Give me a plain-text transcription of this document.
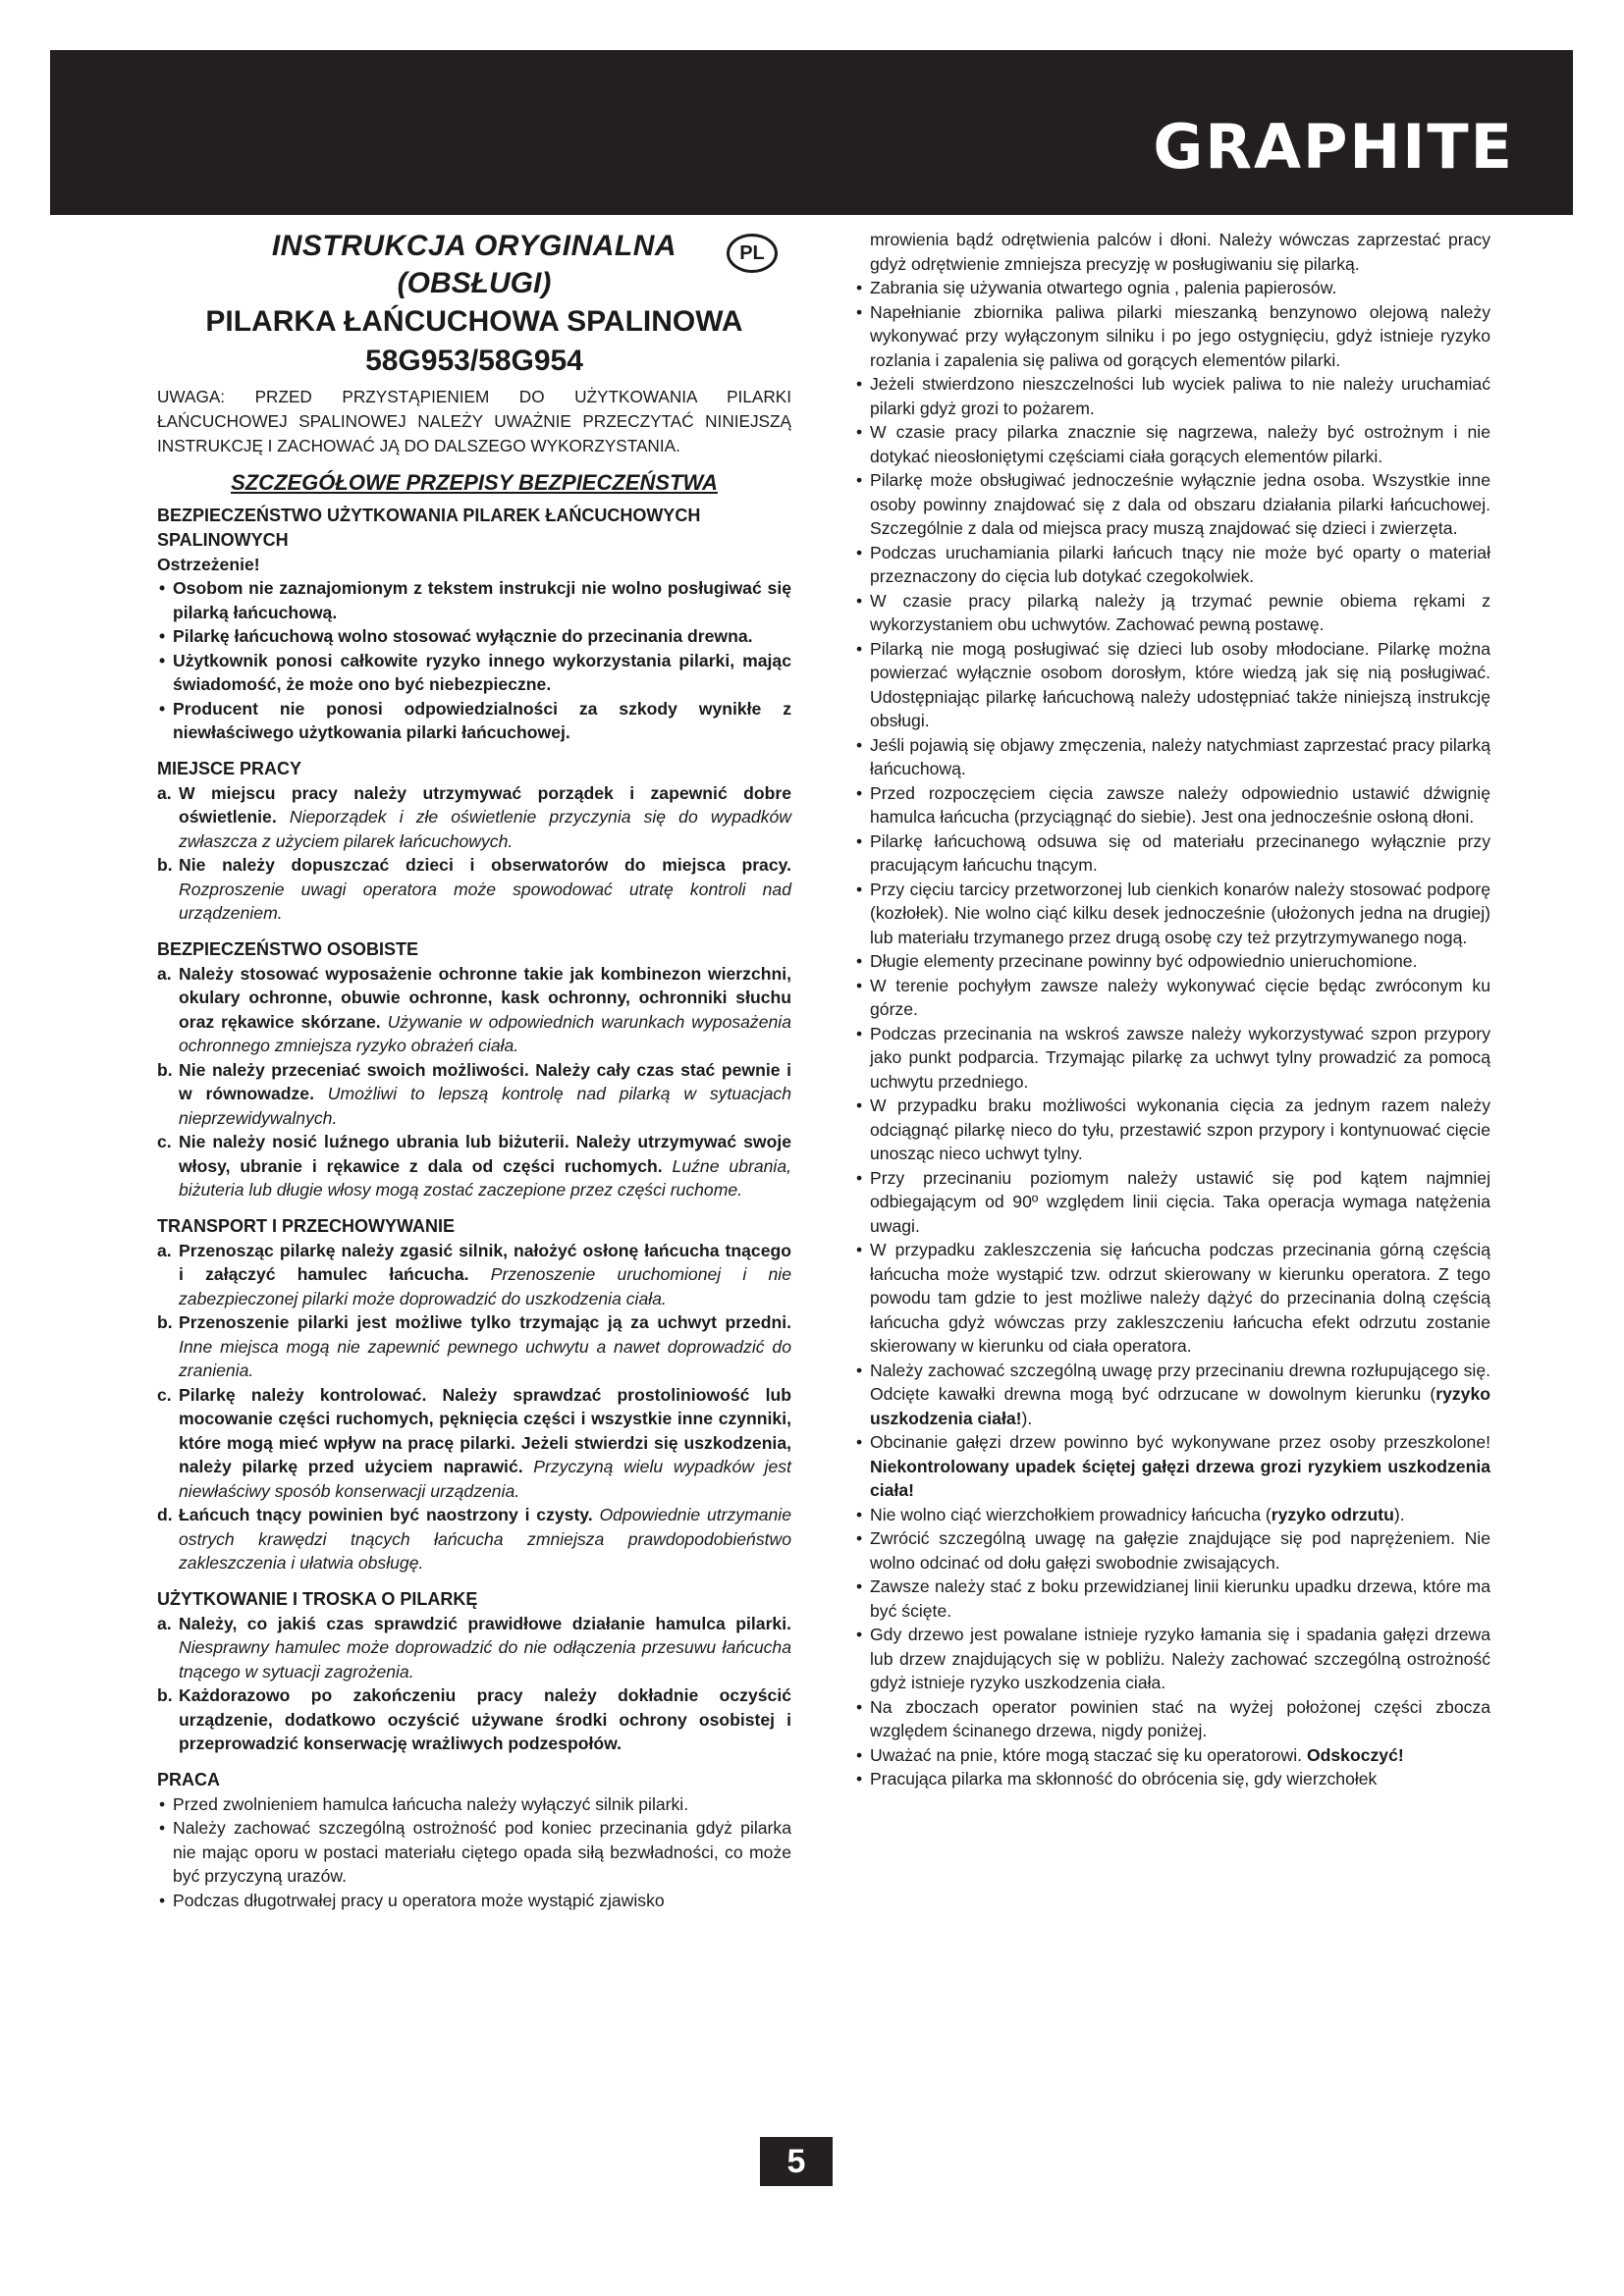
GRAPHITE
INSTRUKCJA ORYGINALNA
(OBSŁUGI)
PILARKA ŁAŃCUCHOWA SPALINOWA
58G953/58G954
PL

UWAGA: PRZED PRZYSTĄPIENIEM DO UŻYTKOWANIA PILARKI ŁAŃCUCHOWEJ SPALINOWEJ NALEŻY UWAŻNIE PRZECZYTAĆ NINIEJSZĄ INSTRUKCJĘ I ZACHOWAĆ JĄ DO DALSZEGO WYKORZYSTANIA.

SZCZEGÓŁOWE PRZEPISY BEZPIECZEŃSTWA
BEZPIECZEŃSTWO UŻYTKOWANIA PILAREK ŁAŃCUCHOWYCH SPALINOWYCH
Ostrzeżenie!
• Osobom nie zaznajomionym z tekstem instrukcji nie wolno posługiwać się pilarką łańcuchową.
• Pilarkę łańcuchową wolno stosować wyłącznie do przecinania drewna.
• Użytkownik ponosi całkowite ryzyko innego wykorzystania pilarki, mając świadomość, że może ono być niebezpieczne.
• Producent nie ponosi odpowiedzialności za szkody wynikłe z niewłaściwego użytkowania pilarki łańcuchowej.
MIEJSCE PRACY
a. W miejscu pracy należy utrzymywać porządek i zapewnić dobre oświetlenie. Nieporządek i złe oświetlenie przyczynia się do wypadków zwłaszcza z użyciem pilarek łańcuchowych.
b. Nie należy dopuszczać dzieci i obserwatorów do miejsca pracy. Rozproszenie uwagi operatora może spowodować utratę kontroli nad urządzeniem.
BEZPIECZEŃSTWO OSOBISTE
a. Należy stosować wyposażenie ochronne takie jak kombinezon wierzchni, okulary ochronne, obuwie ochronne, kask ochronny, ochronniki słuchu oraz rękawice skórzane. Używanie w odpowiednich warunkach wyposażenia ochronnego zmniejsza ryzyko obrażeń ciała.
b. Nie należy przeceniać swoich możliwości. Należy cały czas stać pewnie i w równowadze. Umożliwi to lepszą kontrolę nad pilarką w sytuacjach nieprzewidywalnych.
c. Nie należy nosić luźnego ubrania lub biżuterii. Należy utrzymywać swoje włosy, ubranie i rękawice z dala od części ruchomych. Luźne ubrania, biżuteria lub długie włosy mogą zostać zaczepione przez części ruchome.
TRANSPORT I PRZECHOWYWANIE
a. Przenosząc pilarkę należy zgasić silnik, nałożyć osłonę łańcucha tnącego i załączyć hamulec łańcucha. Przenoszenie uruchomionej i nie zabezpieczonej pilarki może doprowadzić do uszkodzenia ciała.
b. Przenoszenie pilarki jest możliwe tylko trzymając ją za uchwyt przedni. Inne miejsca mogą nie zapewnić pewnego uchwytu a nawet doprowadzić do zranienia.
c. Pilarkę należy kontrolować. Należy sprawdzać prostoliniowość lub mocowanie części ruchomych, pęknięcia części i wszystkie inne czynniki, które mogą mieć wpływ na pracę pilarki. Jeżeli stwierdzi się uszkodzenia, należy pilarkę przed użyciem naprawić. Przyczyną wielu wypadków jest niewłaściwy sposób konserwacji urządzenia.
d. Łańcuch tnący powinien być naostrzony i czysty. Odpowiednie utrzymanie ostrych krawędzi tnących łańcucha zmniejsza prawdopodobieństwo zakleszczenia i ułatwia obsługę.
UŻYTKOWANIE I TROSKA O PILARKĘ
a. Należy, co jakiś czas sprawdzić prawidłowe działanie hamulca pilarki. Niesprawny hamulec może doprowadzić do nie odłączenia przesuwu łańcucha tnącego w sytuacji zagrożenia.
b. Każdorazowo po zakończeniu pracy należy dokładnie oczyścić urządzenie, dodatkowo oczyścić używane środki ochrony osobistej i przeprowadzić konserwację wrażliwych podzespołów.
PRACA
• Przed zwolnieniem hamulca łańcucha należy wyłączyć silnik pilarki.
• Należy zachować szczególną ostrożność pod koniec przecinania gdyż pilarka nie mając oporu w postaci materiału ciętego opada siłą bezwładności, co może być przyczyną urazów.
• Podczas długotrwałej pracy u operatora może wystąpić zjawisko

mrowienia bądź odrętwienia palców i dłoni. Należy wówczas zaprzestać pracy gdyż odrętwienie zmniejsza precyzję w posługiwaniu się pilarką.

• Zabrania się używania otwartego ognia , palenia papierosów.
• Napełnianie zbiornika paliwa pilarki mieszanką benzynowo olejową należy wykonywać przy wyłączonym silniku i po jego ostygnięciu, gdyż istnieje ryzyko rozlania i zapalenia się paliwa od gorących elementów pilarki.
• Jeżeli stwierdzono nieszczelności lub wyciek paliwa to nie należy uruchamiać pilarki gdyż grozi to pożarem.
• W czasie pracy pilarka znacznie się nagrzewa, należy być ostrożnym i nie dotykać nieosłoniętymi częściami ciała gorących elementów pilarki.
• Pilarkę może obsługiwać jednocześnie wyłącznie jedna osoba. Wszystkie inne osoby powinny znajdować się z dala od obszaru działania pilarki łańcuchowej. Szczególnie z dala od miejsca pracy muszą znajdować się dzieci i zwierzęta.
• Podczas uruchamiania pilarki łańcuch tnący nie może być oparty o materiał przeznaczony do cięcia lub dotykać czegokolwiek.
• W czasie pracy pilarką należy ją trzymać pewnie obiema rękami z wykorzystaniem obu uchwytów. Zachować pewną postawę.
• Pilarką nie mogą posługiwać się dzieci lub osoby młodociane. Pilarkę można powierzać wyłącznie osobom dorosłym, które wiedzą jak się nią posługiwać. Udostępniając pilarkę łańcuchową należy udostępniać także niniejszą instrukcję obsługi.
• Jeśli pojawią się objawy zmęczenia, należy natychmiast zaprzestać pracy pilarką łańcuchową.
• Przed rozpoczęciem cięcia zawsze należy odpowiednio ustawić dźwignię hamulca łańcucha (przyciągnąć do siebie). Jest ona jednocześnie osłoną dłoni.
• Pilarkę łańcuchową odsuwa się od materiału przecinanego wyłącznie przy pracującym łańcuchu tnącym.
• Przy cięciu tarcicy przetworzonej lub cienkich konarów należy stosować podporę (kozłołek). Nie wolno ciąć kilku desek jednocześnie (ułożonych jedna na drugiej) lub materiału trzymanego przez drugą osobę czy też przytrzymywanego nogą.
• Długie elementy przecinane powinny być odpowiednio unieruchomione.
• W terenie pochyłym zawsze należy wykonywać cięcie będąc zwróconym ku górze.
• Podczas przecinania na wskroś zawsze należy wykorzystywać szpon przypory jako punkt podparcia. Trzymając pilarkę za uchwyt tylny prowadzić za pomocą uchwytu przedniego.
• W przypadku braku możliwości wykonania cięcia za jednym razem należy odciągnąć pilarkę nieco do tyłu, przestawić szpon przypory i kontynuować cięcie unosząc nieco uchwyt tylny.
• Przy przecinaniu poziomym należy ustawić się pod kątem najmniej odbiegającym od 90º względem linii cięcia. Taka operacja wymaga natężenia uwagi.
• W przypadku zakleszczenia się łańcucha podczas przecinania górną częścią łańcucha może wystąpić tzw. odrzut skierowany w kierunku operatora. Z tego powodu tam gdzie to jest możliwe należy dążyć do przecinania dolną częścią łańcucha gdyż wówczas przy zakleszczeniu łańcucha efekt odrzutu zostanie skierowany w kierunku od ciała operatora.
• Należy zachować szczególną uwagę przy przecinaniu drewna rozłupującego się. Odcięte kawałki drewna mogą być odrzucane w dowolnym kierunku (ryzyko uszkodzenia ciała!).
• Obcinanie gałęzi drzew powinno być wykonywane przez osoby przeszkolone! Niekontrolowany upadek ściętej gałęzi drzewa grozi ryzykiem uszkodzenia ciała!
• Nie wolno ciąć wierzchołkiem prowadnicy łańcucha (ryzyko odrzutu).
• Zwrócić szczególną uwagę na gałęzie znajdujące się pod naprężeniem. Nie wolno odcinać od dołu gałęzi swobodnie zwisających.
• Zawsze należy stać z boku przewidzianej linii kierunku upadku drzewa, które ma być ścięte.
• Gdy drzewo jest powalane istnieje ryzyko łamania się i spadania gałęzi drzewa lub drzew znajdujących się w pobliżu. Należy zachować szczególną ostrożność gdyż istnieje ryzyko uszkodzenia ciała.
• Na zboczach operator powinien stać na wyżej położonej części zbocza względem ścinanego drzewa, nigdy poniżej.
• Uważać na pnie, które mogą staczać się ku operatorowi. Odskoczyć!
• Pracująca pilarka ma skłonność do obrócenia się, gdy wierzchołek
5
